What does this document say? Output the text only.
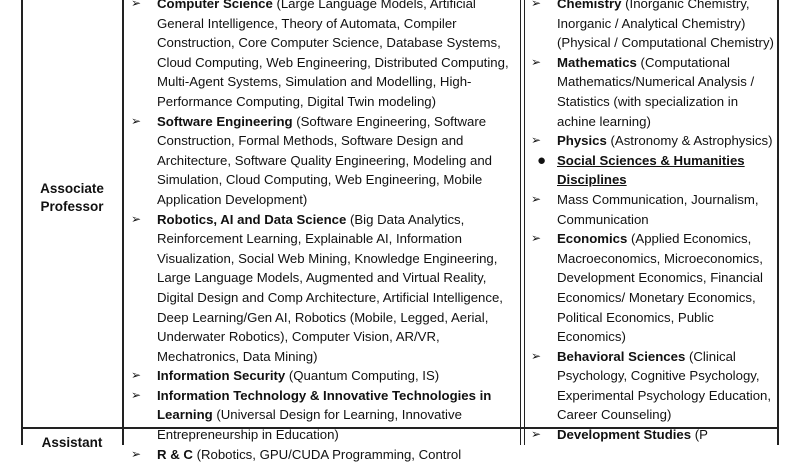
Associate Professor
Assistant
➢ Computer Science (Large Language Models, Artificial General Intelligence, Theory of Automata, Compiler Construction, Core Computer Science, Database Systems, Cloud Computing, Web Engineering, Distributed Computing, Multi-Agent Systems, Simulation and Modelling, High-Performance Computing, Digital Twin modeling)
➢ Software Engineering (Software Engineering, Software Construction, Formal Methods, Software Design and Architecture, Software Quality Engineering, Modeling and Simulation, Cloud Computing, Web Engineering, Mobile Application Development)
➢ Robotics, AI and Data Science (Big Data Analytics, Reinforcement Learning, Explainable AI, Information Visualization, Social Web Mining, Knowledge Engineering, Large Language Models, Augmented and Virtual Reality, Digital Design and Comp Architecture, Artificial Intelligence, Deep Learning/Gen AI, Robotics (Mobile, Legged, Aerial, Underwater Robotics), Computer Vision, AR/VR, Mechatronics, Data Mining)
➢ Information Security (Quantum Computing, IS)
➢ Information Technology & Innovative Technologies in Learning (Universal Design for Learning, Innovative Entrepreneurship in Education)
➢ R & C (Robotics, GPU/CUDA Programming, Control
➢ Chemistry (Inorganic Chemistry, Inorganic / Analytical Chemistry) (Physical / Computational Chemistry)
➢ Mathematics (Computational Mathematics/Numerical Analysis / Statistics (with specialization in achine learning)
➢ Physics (Astronomy & Astrophysics)
● Social Sciences & Humanities Disciplines
➢ Mass Communication, Journalism, Communication
➢ Economics (Applied Economics, Macroeconomics, Microeconomics, Development Economics, Financial Economics/ Monetary Economics, Political Economics, Public Economics)
➢ Behavioral Sciences (Clinical Psychology, Cognitive Psychology, Experimental Psychology Education, Career Counseling)
➢ Development Studies (P
